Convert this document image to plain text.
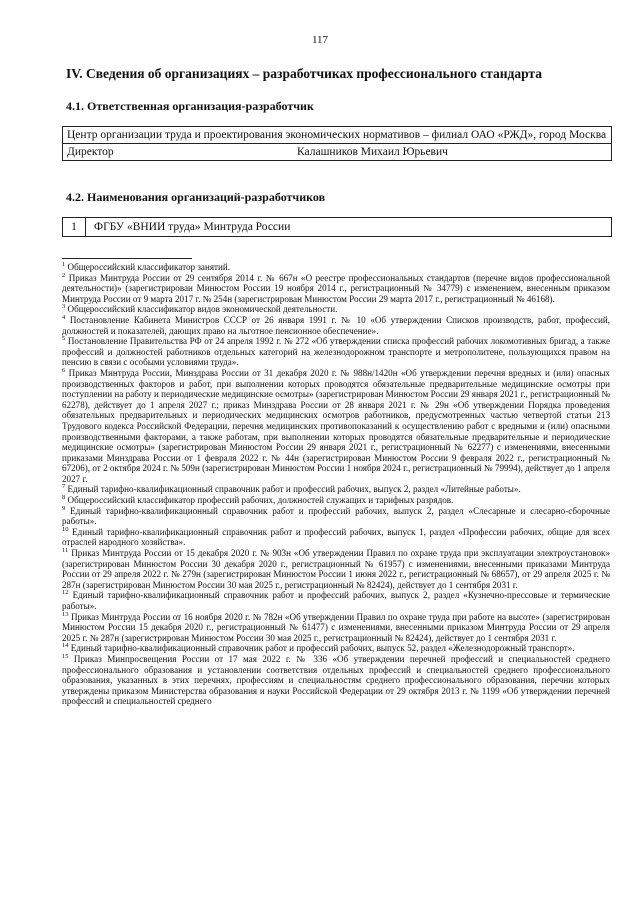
117
IV. Сведения об организациях – разработчиках профессионального стандарта
4.1. Ответственная организация-разработчик
Центр организации труда и проектирования экономических нормативов – филиал ОАО «РЖД», город Москва
Директор	Калашников Михаил Юрьевич
4.2. Наименования организаций-разработчиков
1	ФГБУ «ВНИИ труда» Минтруда России

$^1$ Общероссийский классификатор занятий.

$^2$ Приказ Минтруда России от 29 сентября 2014 г. № 667н «О реестре профессиональных стандартов (перечне видов профессиональной деятельности)» (зарегистрирован Минюстом России 19 ноября 2014 г., регистрационный № 34779) с изменением, внесенным приказом Минтруда России от 9 марта 2017 г. № 254н (зарегистрирован Минюстом России 29 марта 2017 г., регистрационный № 46168).

$^3$ Общероссийский классификатор видов экономической деятельности.

$^4$ Постановление Кабинета Министров СССР от 26 января 1991 г. № 10 «Об утверждении Списков производств, работ, профессий, должностей и показателей, дающих право на льготное пенсионное обеспечение».

$^5$ Постановление Правительства РФ от 24 апреля 1992 г. № 272 «Об утверждении списка профессий рабочих локомотивных бригад, а также профессий и должностей работников отдельных категорий на железнодорожном транспорте и метрополитене, пользующихся правом на пенсию в связи с особыми условиями труда».

$^6$ Приказ Минтруда России, Минздрава России от 31 декабря 2020 г. № 988н/1420н «Об утверждении перечня вредных и (или) опасных производственных факторов и работ, при выполнении которых проводятся обязательные предварительные медицинские осмотры при поступлении на работу и периодические медицинские осмотры» (зарегистрирован Минюстом России 29 января 2021 г., регистрационный № 62278), действует до 1 апреля 2027 г.; приказ Минздрава России от 28 января 2021 г. № 29н «Об утверждении Порядка проведения обязательных предварительных и периодических медицинских осмотров работников, предусмотренных частью четвертой статьи 213 Трудового кодекса Российской Федерации, перечня медицинских противопоказаний к осуществлению работ с вредными и (или) опасными производственными факторами, а также работам, при выполнении которых проводятся обязательные предварительные и периодические медицинские осмотры» (зарегистрирован Минюстом России 29 января 2021 г., регистрационный № 62277) с изменениями, внесенными приказами Минздрава России от 1 февраля 2022 г. № 44н (зарегистрирован Минюстом России 9 февраля 2022 г., регистрационный № 67206), от 2 октября 2024 г. № 509н (зарегистрирован Минюстом России 1 ноября 2024 г., регистрационный № 79994), действует до 1 апреля 2027 г.

$^7$ Единый тарифно-квалификационный справочник работ и профессий рабочих, выпуск 2, раздел «Литейные работы».

$^8$ Общероссийский классификатор профессий рабочих, должностей служащих и тарифных разрядов.

$^9$ Единый тарифно-квалификационный справочник работ и профессий рабочих, выпуск 2, раздел «Слесарные и слесарно-сборочные работы».

$^{10}$ Единый тарифно-квалификационный справочник работ и профессий рабочих, выпуск 1, раздел «Профессии рабочих, общие для всех отраслей народного хозяйства».

$^{11}$ Приказ Минтруда России от 15 декабря 2020 г. № 903н «Об утверждении Правил по охране труда при эксплуатации электроустановок» (зарегистрирован Минюстом России 30 декабря 2020 г., регистрационный № 61957) с изменениями, внесенными приказами Минтруда России от 29 апреля 2022 г. № 279н (зарегистрирован Минюстом России 1 июня 2022 г., регистрационный № 68657), от 29 апреля 2025 г. № 287н (зарегистрирован Минюстом России 30 мая 2025 г., регистрационный № 82424), действует до 1 сентября 2031 г.

$^{12}$ Единый тарифно-квалификационный справочник работ и профессий рабочих, выпуск 2, раздел «Кузнечно-прессовые и термические работы».

$^{13}$ Приказ Минтруда России от 16 ноября 2020 г. № 782н «Об утверждении Правил по охране труда при работе на высоте» (зарегистрирован Минюстом России 15 декабря 2020 г., регистрационный № 61477) с изменениями, внесенными приказом Минтруда России от 29 апреля 2025 г. № 287н (зарегистрирован Минюстом России 30 мая 2025 г., регистрационный № 82424), действует до 1 сентября 2031 г.

$^{14}$ Единый тарифно-квалификационный справочник работ и профессий рабочих, выпуск 52, раздел «Железнодорожный транспорт».

$^{15}$ Приказ Минпросвещения России от 17 мая 2022 г. № 336 «Об утверждении перечней профессий и специальностей среднего профессионального образования и установлении соответствия отдельных профессий и специальностей среднего профессионального образования, указанных в этих перечнях, профессиям и специальностям среднего профессионального образования, перечни которых утверждены приказом Министерства образования и науки Российской Федерации от 29 октября 2013 г. № 1199 «Об утверждении перечней профессий и специальностей среднего
